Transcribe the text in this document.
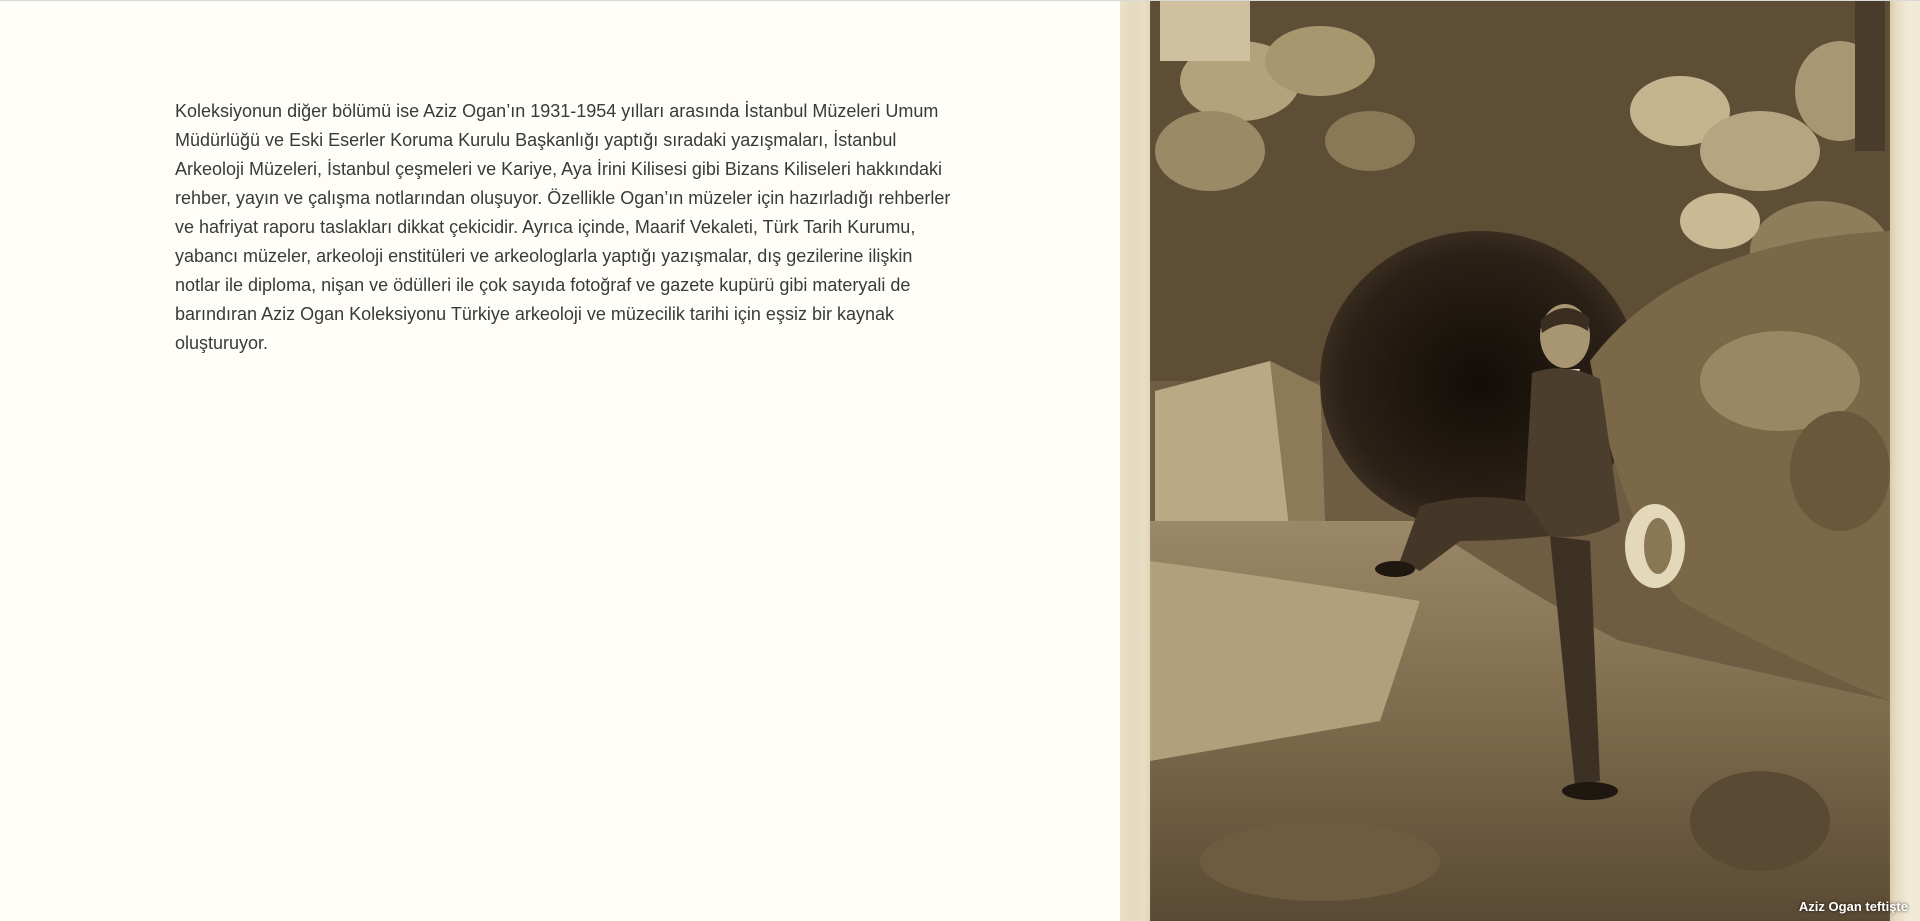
Koleksiyonun diğer bölümü ise Aziz Ogan’ın 1931-1954 yılları arasında İstanbul Müzeleri Umum Müdürlüğü ve Eski Eserler Koruma Kurulu Başkanlığı yaptığı sıradaki yazışmaları, İstanbul Arkeoloji Müzeleri, İstanbul çeşmeleri ve Kariye, Aya İrini Kilisesi gibi Bizans Kiliseleri hakkındaki rehber, yayın ve çalışma notlarından oluşuyor. Özellikle Ogan’ın müzeler için hazırladığı rehberler ve hafriyat raporu taslakları dikkat çekicidir. Ayrıca içinde, Maarif Vekaleti, Türk Tarih Kurumu, yabancı müzeler, arkeoloji enstitüleri ve arkeologlarla yaptığı yazışmalar, dış gezilerine ilişkin notlar ile diploma, nişan ve ödülleri ile çok sayıda fotoğraf ve gazete kupürü gibi materyali de barındıran Aziz Ogan Koleksiyonu Türkiye arkeoloji ve müzecilik tarihi için eşsiz bir kaynak oluşturuyor.

Aziz Ogan teftişte
